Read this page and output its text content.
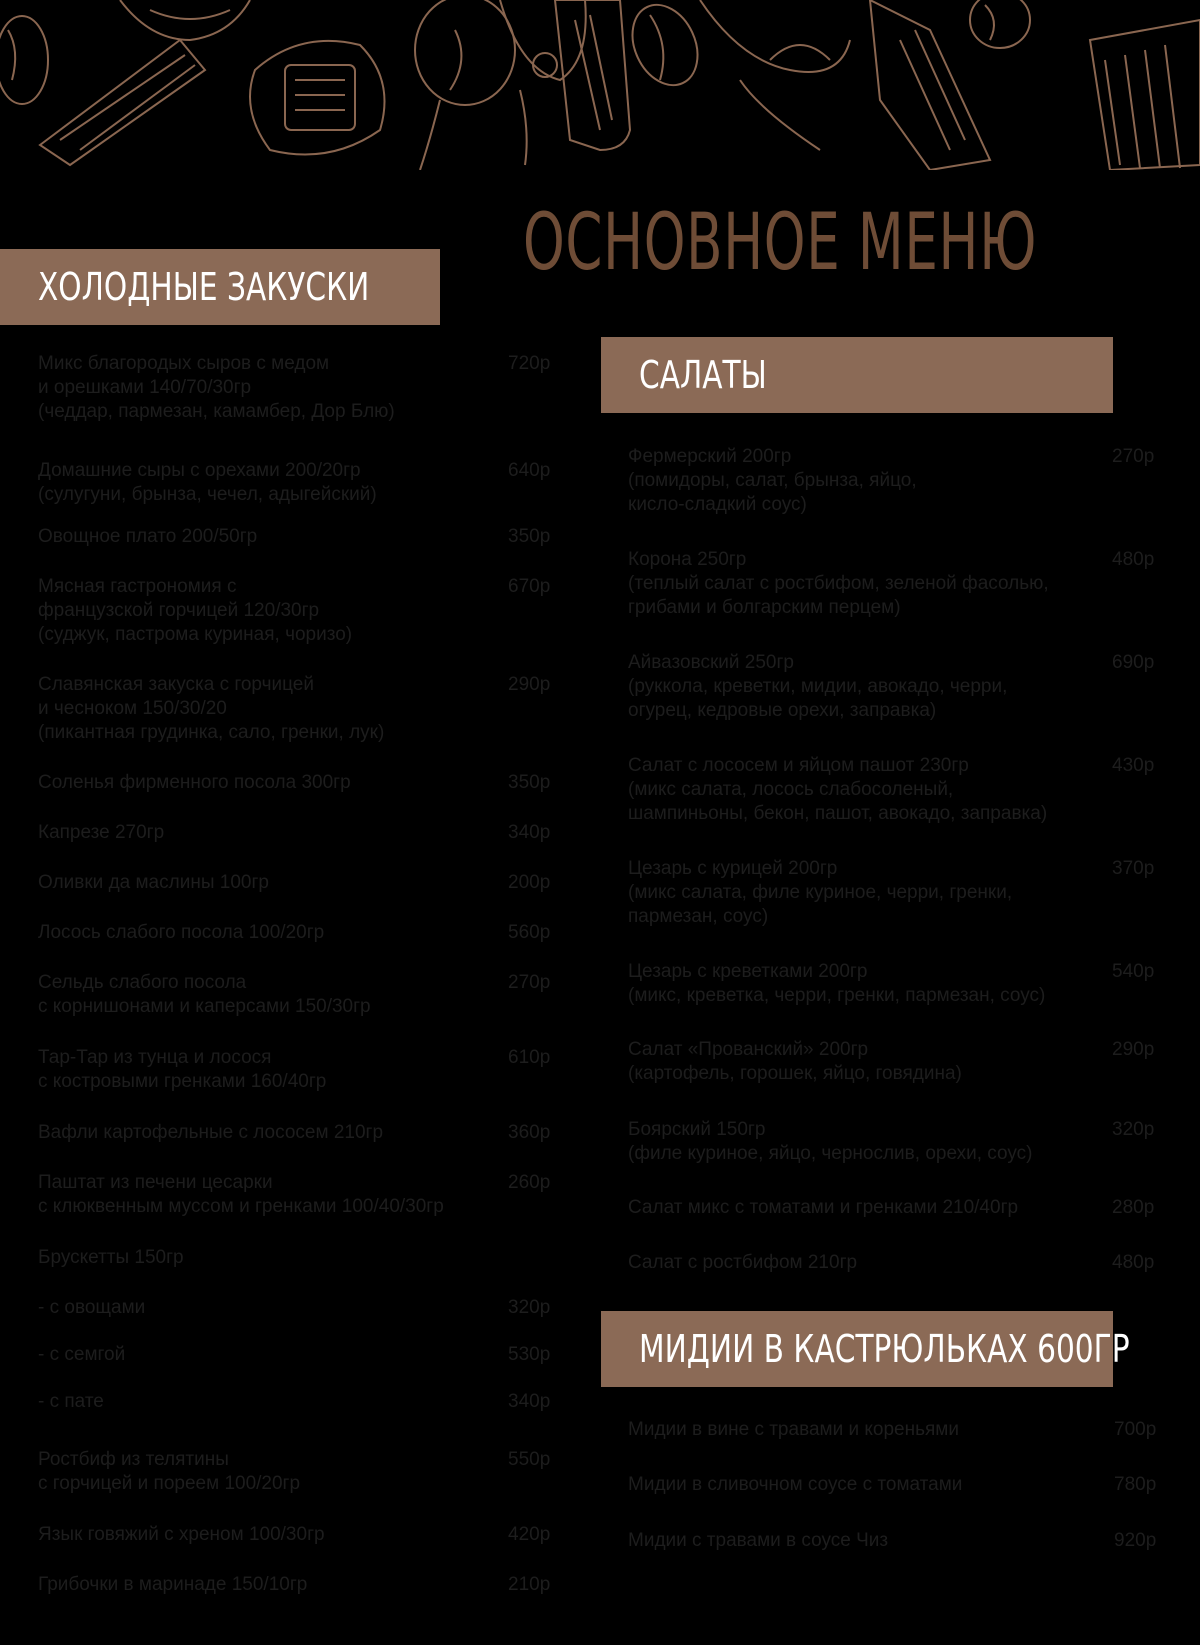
ОСНОВНОЕ МЕНЮ
ХОЛОДНЫЕ ЗАКУСКИ
САЛАТЫ
МИДИИ В КАСТРЮЛЬКАХ 600ГР
Микс благородых сыров с медом
и орешками 140/70/30гр
(чеддар, пармезан, камамбер, Дор Блю)
720р
Домашние сыры с орехами 200/20гр
(сулугуни, брынза, чечел, адыгейский)
640р
Овощное плато 200/50гр	350р
Мясная гастрономия с
французской горчицей 120/30гр
(суджук, пастрома куриная, чоризо)
670р
Славянская закуска с горчицей
и чесноком 150/30/20
(пикантная грудинка, сало, гренки, лук)
290р
Соленья фирменного посола 300гр	350р
Капрезе 270гр	340р
Оливки да маслины 100гр	200р
Лосось слабого посола 100/20гр	560р
Сельдь слабого посола
с корнишонами и каперсами 150/30гр
270р
Тар-Тар из тунца и лосося
с костровыми гренками 160/40гр
610р
Вафли картофельные с лососем 210гр	360р
Паштат из печени цесарки
с клюквенным муссом и гренками 100/40/30гр
260р
Брускетты 150гр
- с овощами	320р
- с семгой	530р
- с пате	340р
Ростбиф из телятины
с горчицей и пореем 100/20гр
550р
Язык говяжий с хреном 100/30гр	420р
Грибочки в маринаде 150/10гр	210р
Фермерский 200гр
(помидоры, салат, брынза, яйцо,
кисло-сладкий соус)
270р
Корона 250гр
(теплый салат с ростбифом, зеленой фасолью,
грибами и болгарским перцем)
480р
Айвазовский 250гр
(руккола, креветки, мидии, авокадо, черри,
огурец, кедровые орехи, заправка)
690р
Салат с лососем и яйцом пашот 230гр
(микс салата, лосось слабосоленый,
шампиньоны, бекон, пашот, авокадо, заправка)
430р
Цезарь с курицей 200гр
(микс салата, филе куриное, черри, гренки,
пармезан, соус)
370р
Цезарь с креветками 200гр
(микс, креветка, черри, гренки, пармезан, соус)
540р
Салат «Прованский» 200гр
(картофель, горошек, яйцо, говядина)
290р
Боярский 150гр
(филе куриное, яйцо, чернослив, орехи, соус)
320р
Салат микс с томатами и гренками 210/40гр	280р
Салат с ростбифом 210гр	480р
Мидии в вине с травами и кореньями	700р
Мидии в сливочном соусе с томатами	780р
Мидии с травами в соусе Чиз	920р
